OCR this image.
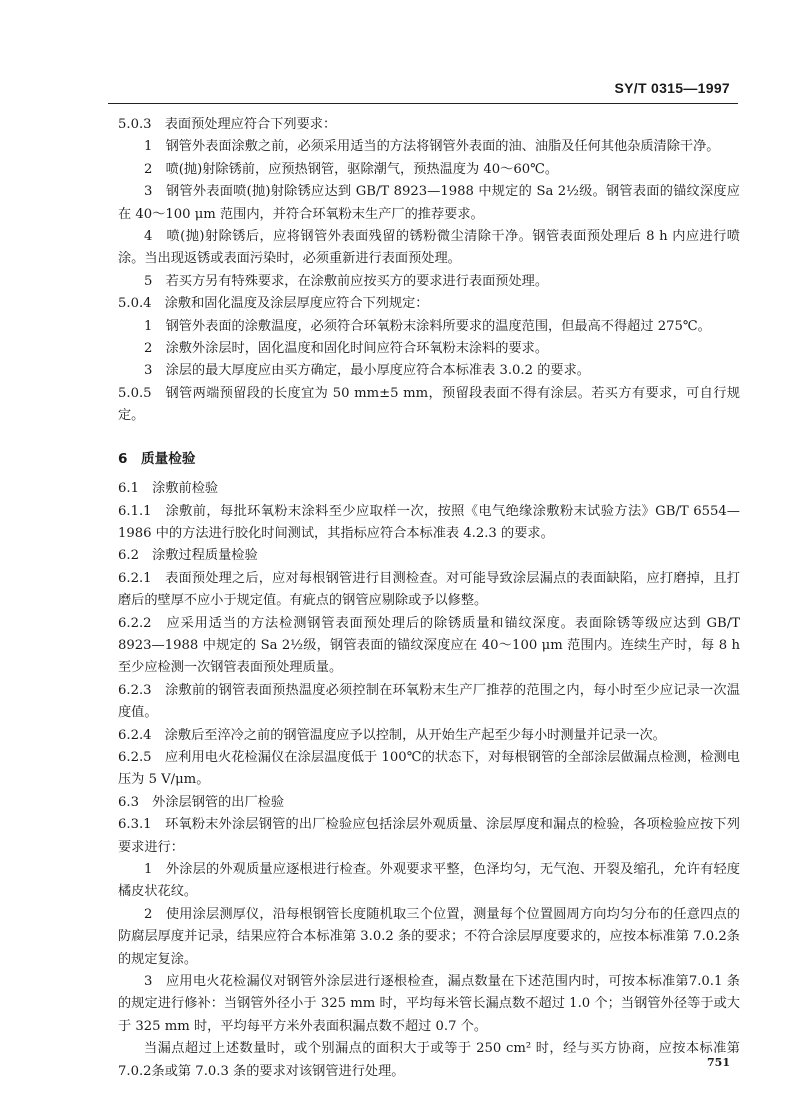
SY/T 0315—1997

5.0.3　表面预处理应符合下列要求：

1　钢管外表面涂敷之前，必须采用适当的方法将钢管外表面的油、油脂及任何其他杂质清除干净。

2　喷(抛)射除锈前，应预热钢管，驱除潮气，预热温度为 40～60℃。

3　钢管外表面喷(抛)射除锈应达到 GB/T 8923—1988 中规定的 Sa 2½级。钢管表面的锚纹深度应在 40～100 μm 范围内，并符合环氧粉末生产厂的推荐要求。

4　喷(抛)射除锈后，应将钢管外表面残留的锈粉微尘清除干净。钢管表面预处理后 8 h 内应进行喷涂。当出现返锈或表面污染时，必须重新进行表面预处理。

5　若买方另有特殊要求，在涂敷前应按买方的要求进行表面预处理。

5.0.4　涂敷和固化温度及涂层厚度应符合下列规定：

1　钢管外表面的涂敷温度，必须符合环氧粉末涂料所要求的温度范围，但最高不得超过 275℃。

2　涂敷外涂层时，固化温度和固化时间应符合环氧粉末涂料的要求。

3　涂层的最大厚度应由买方确定，最小厚度应符合本标准表 3.0.2 的要求。

5.0.5　钢管两端预留段的长度宜为 50 mm±5 mm，预留段表面不得有涂层。若买方有要求，可自行规定。

6　质量检验

6.1　涂敷前检验

6.1.1　涂敷前，每批环氧粉末涂料至少应取样一次，按照《电气绝缘涂敷粉末试验方法》GB/T 6554—1986 中的方法进行胶化时间测试，其指标应符合本标准表 4.2.3 的要求。

6.2　涂敷过程质量检验

6.2.1　表面预处理之后，应对每根钢管进行目测检查。对可能导致涂层漏点的表面缺陷，应打磨掉，且打磨后的壁厚不应小于规定值。有疵点的钢管应剔除或予以修整。

6.2.2　应采用适当的方法检测钢管表面预处理后的除锈质量和锚纹深度。表面除锈等级应达到 GB/T 8923—1988 中规定的 Sa 2½级，钢管表面的锚纹深度应在 40～100 μm 范围内。连续生产时，每 8 h 至少应检测一次钢管表面预处理质量。

6.2.3　涂敷前的钢管表面预热温度必须控制在环氧粉末生产厂推荐的范围之内，每小时至少应记录一次温度值。

6.2.4　涂敷后至淬冷之前的钢管温度应予以控制，从开始生产起至少每小时测量并记录一次。

6.2.5　应利用电火花检漏仪在涂层温度低于 100℃的状态下，对每根钢管的全部涂层做漏点检测，检测电压为 5 V/μm。

6.3　外涂层钢管的出厂检验

6.3.1　环氧粉末外涂层钢管的出厂检验应包括涂层外观质量、涂层厚度和漏点的检验，各项检验应按下列要求进行：

1　外涂层的外观质量应逐根进行检查。外观要求平整，色泽均匀，无气泡、开裂及缩孔，允许有轻度橘皮状花纹。

2　使用涂层测厚仪，沿每根钢管长度随机取三个位置，测量每个位置圆周方向均匀分布的任意四点的防腐层厚度并记录，结果应符合本标准第 3.0.2 条的要求；不符合涂层厚度要求的，应按本标准第 7.0.2条的规定复涂。

3　应用电火花检漏仪对钢管外涂层进行逐根检查，漏点数量在下述范围内时，可按本标准第7.0.1 条的规定进行修补：当钢管外径小于 325 mm 时，平均每米管长漏点数不超过 1.0 个；当钢管外径等于或大于 325 mm 时，平均每平方米外表面积漏点数不超过 0.7 个。

当漏点超过上述数量时，或个别漏点的面积大于或等于 250 cm² 时，经与买方协商，应按本标准第 7.0.2条或第 7.0.3 条的要求对该钢管进行处理。

751
